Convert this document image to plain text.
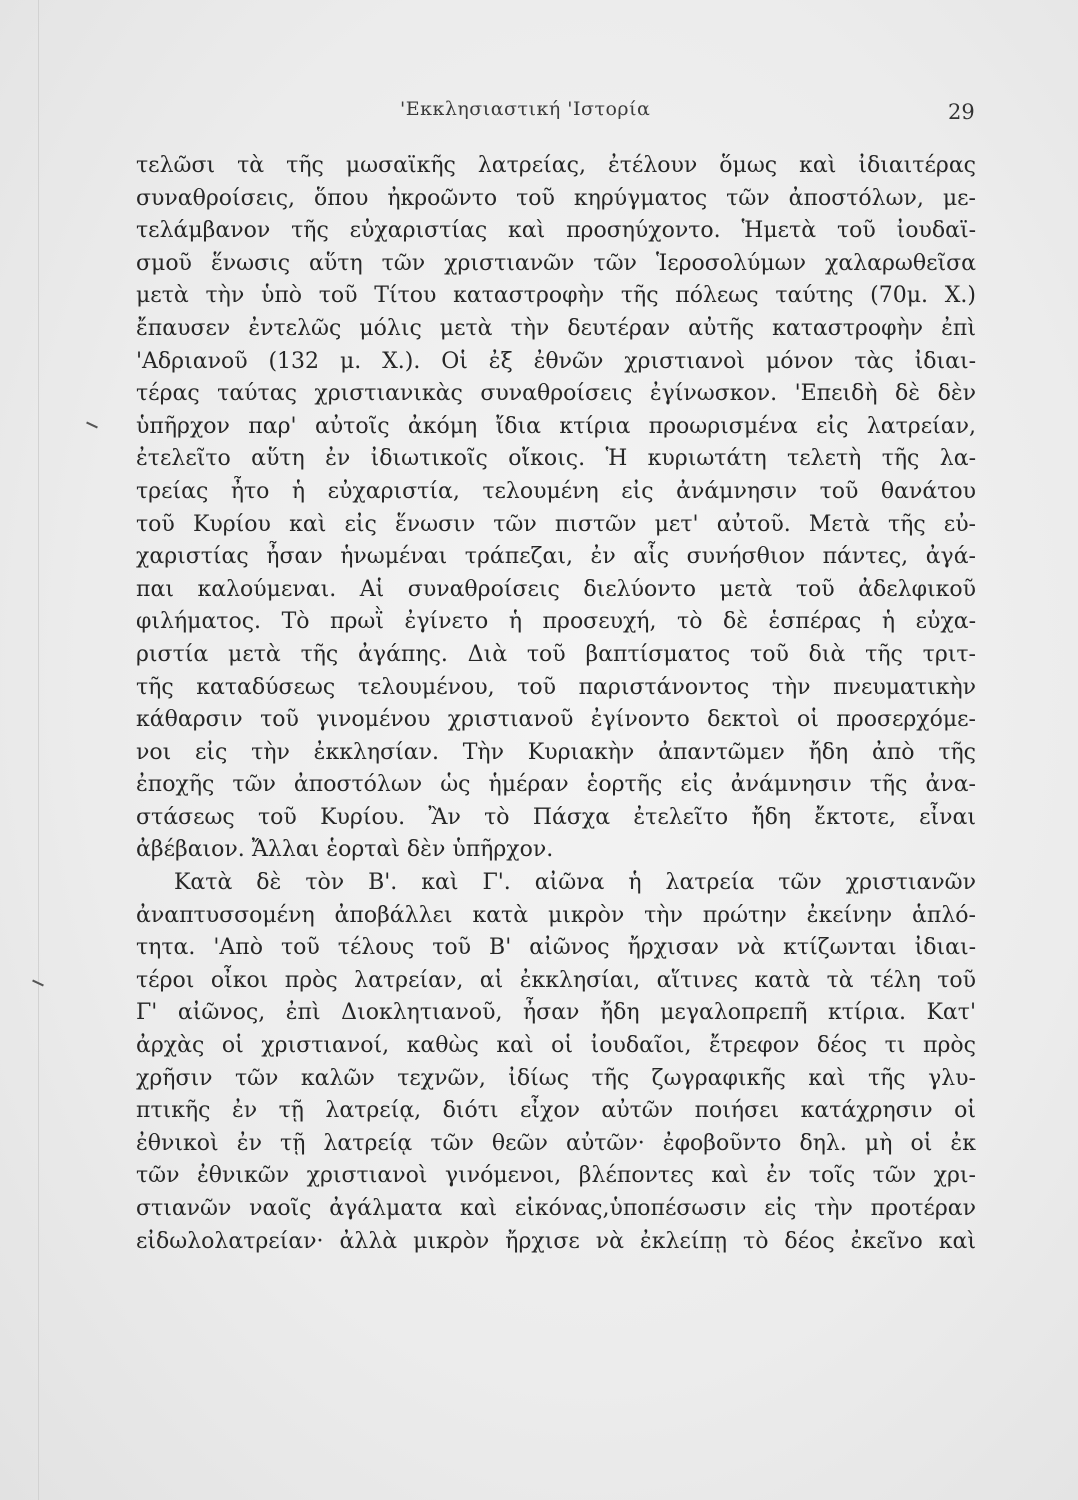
'Εκκλησιαστική 'Ιστορία	29
τελῶσι τὰ τῆς μωσαϊκῆς λατρείας, ἐτέλουν ὅμως καὶ ἰδιαιτέρας
συναθροίσεις, ὅπου ἠκροῶντο τοῦ κηρύγματος τῶν ἀποστόλων, με-
τελάμβανον τῆς εὐχαριστίας καὶ προσηύχοντο. Ἡμετὰ τοῦ ἰουδαϊ-
σμοῦ ἕνωσις αὕτη τῶν χριστιανῶν τῶν Ἱεροσολύμων χαλαρωθεῖσα
μετὰ τὴν ὑπὸ τοῦ Τίτου καταστροφὴν τῆς πόλεως ταύτης (70μ. Χ.)
ἔπαυσεν ἐντελῶς μόλις μετὰ τὴν δευτέραν αὐτῆς καταστροφὴν ἐπὶ
'Αδριανοῦ (132 μ. Χ.). Οἱ ἐξ ἐθνῶν χριστιανοὶ μόνον τὰς ἰδιαι-
τέρας ταύτας χριστιανικὰς συναθροίσεις ἐγίνωσκον. 'Επειδὴ δὲ δὲν
ὑπῆρχον παρ' αὐτοῖς ἀκόμη ἴδια κτίρια προωρισμένα εἰς λατρείαν,
ἐτελεῖτο αὕτη ἐν ἰδιωτικοῖς οἴκοις. Ἡ κυριωτάτη τελετὴ τῆς λα-
τρείας ἦτο ἡ εὐχαριστία, τελουμένη εἰς ἀνάμνησιν τοῦ θανάτου
τοῦ Κυρίου καὶ εἰς ἕνωσιν τῶν πιστῶν μετ' αὐτοῦ. Μετὰ τῆς εὐ-
χαριστίας ἦσαν ἡνωμέναι τράπεζαι, ἐν αἷς συνήσθιον πάντες, ἀγά-
παι καλούμεναι. Αἱ συναθροίσεις διελύοντο μετὰ τοῦ ἀδελφικοῦ
φιλήματος. Τὸ πρωῒ ἐγίνετο ἡ προσευχή, τὸ δὲ ἑσπέρας ἡ εὐχα-
ριστία μετὰ τῆς ἀγάπης. Διὰ τοῦ βαπτίσματος τοῦ διὰ τῆς τριτ-
τῆς καταδύσεως τελουμένου, τοῦ παριστάνοντος τὴν πνευματικὴν
κάθαρσιν τοῦ γινομένου χριστιανοῦ ἐγίνοντο δεκτοὶ οἱ προσερχόμε-
νοι εἰς τὴν ἐκκλησίαν. Τὴν Κυριακὴν ἀπαντῶμεν ἤδη ἀπὸ τῆς
ἐποχῆς τῶν ἀποστόλων ὡς ἡμέραν ἑορτῆς εἰς ἀνάμνησιν τῆς ἀνα-
στάσεως τοῦ Κυρίου. Ἂν τὸ Πάσχα ἐτελεῖτο ἤδη ἔκτοτε, εἶναι
ἀβέβαιον. Ἄλλαι ἑορταὶ δὲν ὑπῆρχον.
Κατὰ δὲ τὸν Β'. καὶ Γ'. αἰῶνα ἡ λατρεία τῶν χριστιανῶν
ἀναπτυσσομένη ἀποβάλλει κατὰ μικρὸν τὴν πρώτην ἐκείνην ἁπλό-
τητα. 'Απὸ τοῦ τέλους τοῦ Β' αἰῶνος ἤρχισαν νὰ κτίζωνται ἰδιαι-
τέροι οἶκοι πρὸς λατρείαν, αἱ ἐκκλησίαι, αἵτινες κατὰ τὰ τέλη τοῦ
Γ' αἰῶνος, ἐπὶ Διοκλητιανοῦ, ἦσαν ἤδη μεγαλοπρεπῆ κτίρια. Κατ'
ἀρχὰς οἱ χριστιανοί, καθὼς καὶ οἱ ἰουδαῖοι, ἔτρεφον δέος τι πρὸς
χρῆσιν τῶν καλῶν τεχνῶν, ἰδίως τῆς ζωγραφικῆς καὶ τῆς γλυ-
πτικῆς ἐν τῇ λατρείᾳ, διότι εἶχον αὐτῶν ποιήσει κατάχρησιν οἱ
ἐθνικοὶ ἐν τῇ λατρείᾳ τῶν θεῶν αὐτῶν· ἐφοβοῦντο δηλ. μὴ οἱ ἐκ
τῶν ἐθνικῶν χριστιανοὶ γινόμενοι, βλέποντες καὶ ἐν τοῖς τῶν χρι-
στιανῶν ναοῖς ἀγάλματα καὶ εἰκόνας,ὑποπέσωσιν εἰς τὴν προτέραν
εἰδωλολατρείαν· ἀλλὰ μικρὸν ἤρχισε νὰ ἐκλείπῃ τὸ δέος ἐκεῖνο καὶ
